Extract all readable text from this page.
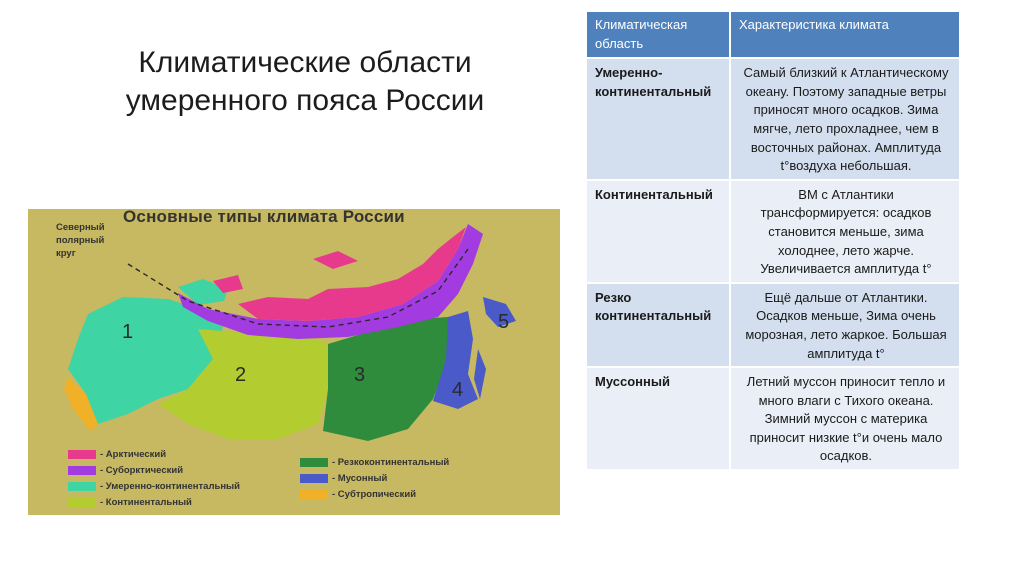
Климатические области умеренного пояса России
Основные типы климата России
Северный полярный круг
1
2	3
4
5
- Арктический
- Суборктический
- Умеренно-континентальный
- Континентальный
- Резкоконтинентальный
- Мусонный
- Субтропический
Климатическая область	Характеристика климата
Умеренно-континентальный	Самый близкий к Атлантическому океану. Поэтому западные ветры приносят много осадков. Зима мягче, лето прохладнее, чем в восточных районах. Амплитуда t°воздуха небольшая.
Континентальный	ВМ с Атлантики трансформируется: осадков становится меньше, зима холоднее, лето жарче. Увеличивается амплитуда t°
Резко континентальный	Ещё дальше от Атлантики. Осадков меньше, Зима очень морозная, лето жаркое. Большая амплитуда t°
Муссонный	Летний муссон приносит тепло и много влаги с Тихого океана. Зимний муссон с материка приносит низкие t°и очень мало осадков.
